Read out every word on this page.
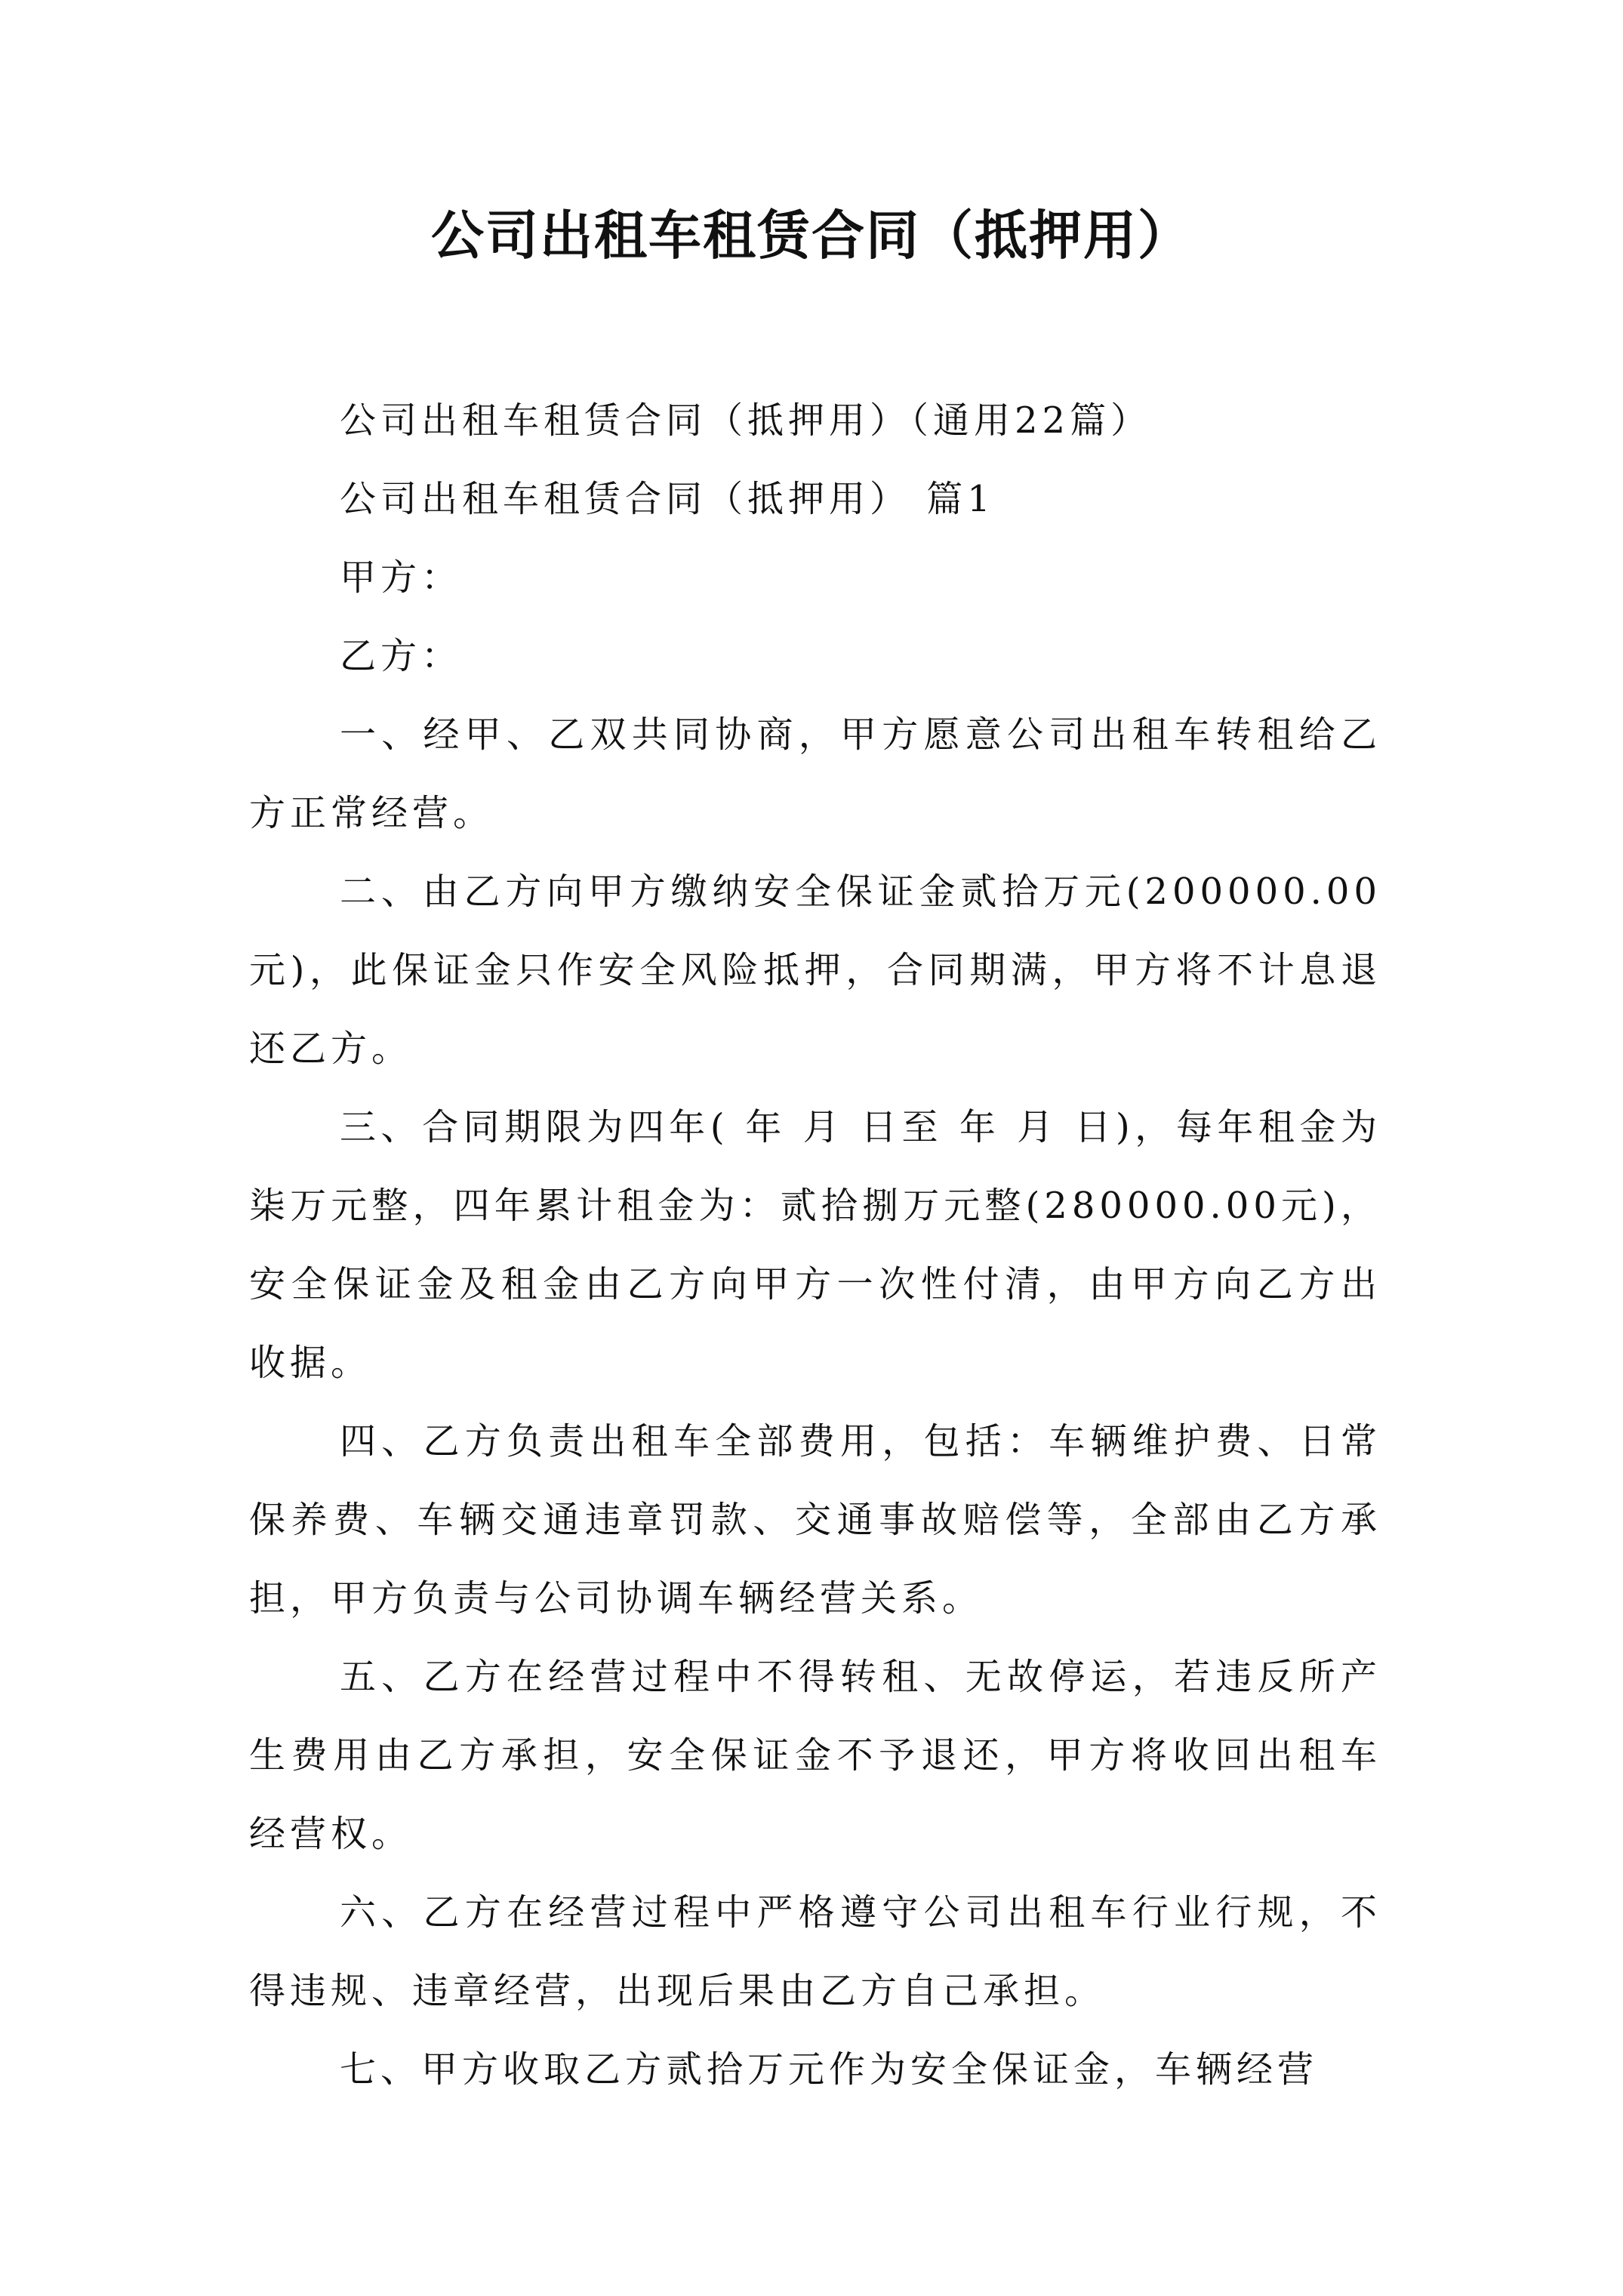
公司出租车租赁合同（抵押用）

公司出租车租赁合同（抵押用）（通用22篇）

公司出租车租赁合同（抵押用） 篇1

甲方：

乙方：

一、经甲、乙双共同协商，甲方愿意公司出租车转租给乙方正常经营。

二、由乙方向甲方缴纳安全保证金贰拾万元(200000.00元)，此保证金只作安全风险抵押，合同期满，甲方将不计息退还乙方。

三、合同期限为四年( 年 月 日至 年 月 日)，每年租金为柒万元整，四年累计租金为：贰拾捌万元整(280000.00元)，安全保证金及租金由乙方向甲方一次性付清，由甲方向乙方出收据。

四、乙方负责出租车全部费用，包括：车辆维护费、日常保养费、车辆交通违章罚款、交通事故赔偿等，全部由乙方承担，甲方负责与公司协调车辆经营关系。

五、乙方在经营过程中不得转租、无故停运，若违反所产生费用由乙方承担，安全保证金不予退还，甲方将收回出租车经营权。

六、乙方在经营过程中严格遵守公司出租车行业行规，不得违规、违章经营，出现后果由乙方自己承担。

七、甲方收取乙方贰拾万元作为安全保证金，车辆经营
